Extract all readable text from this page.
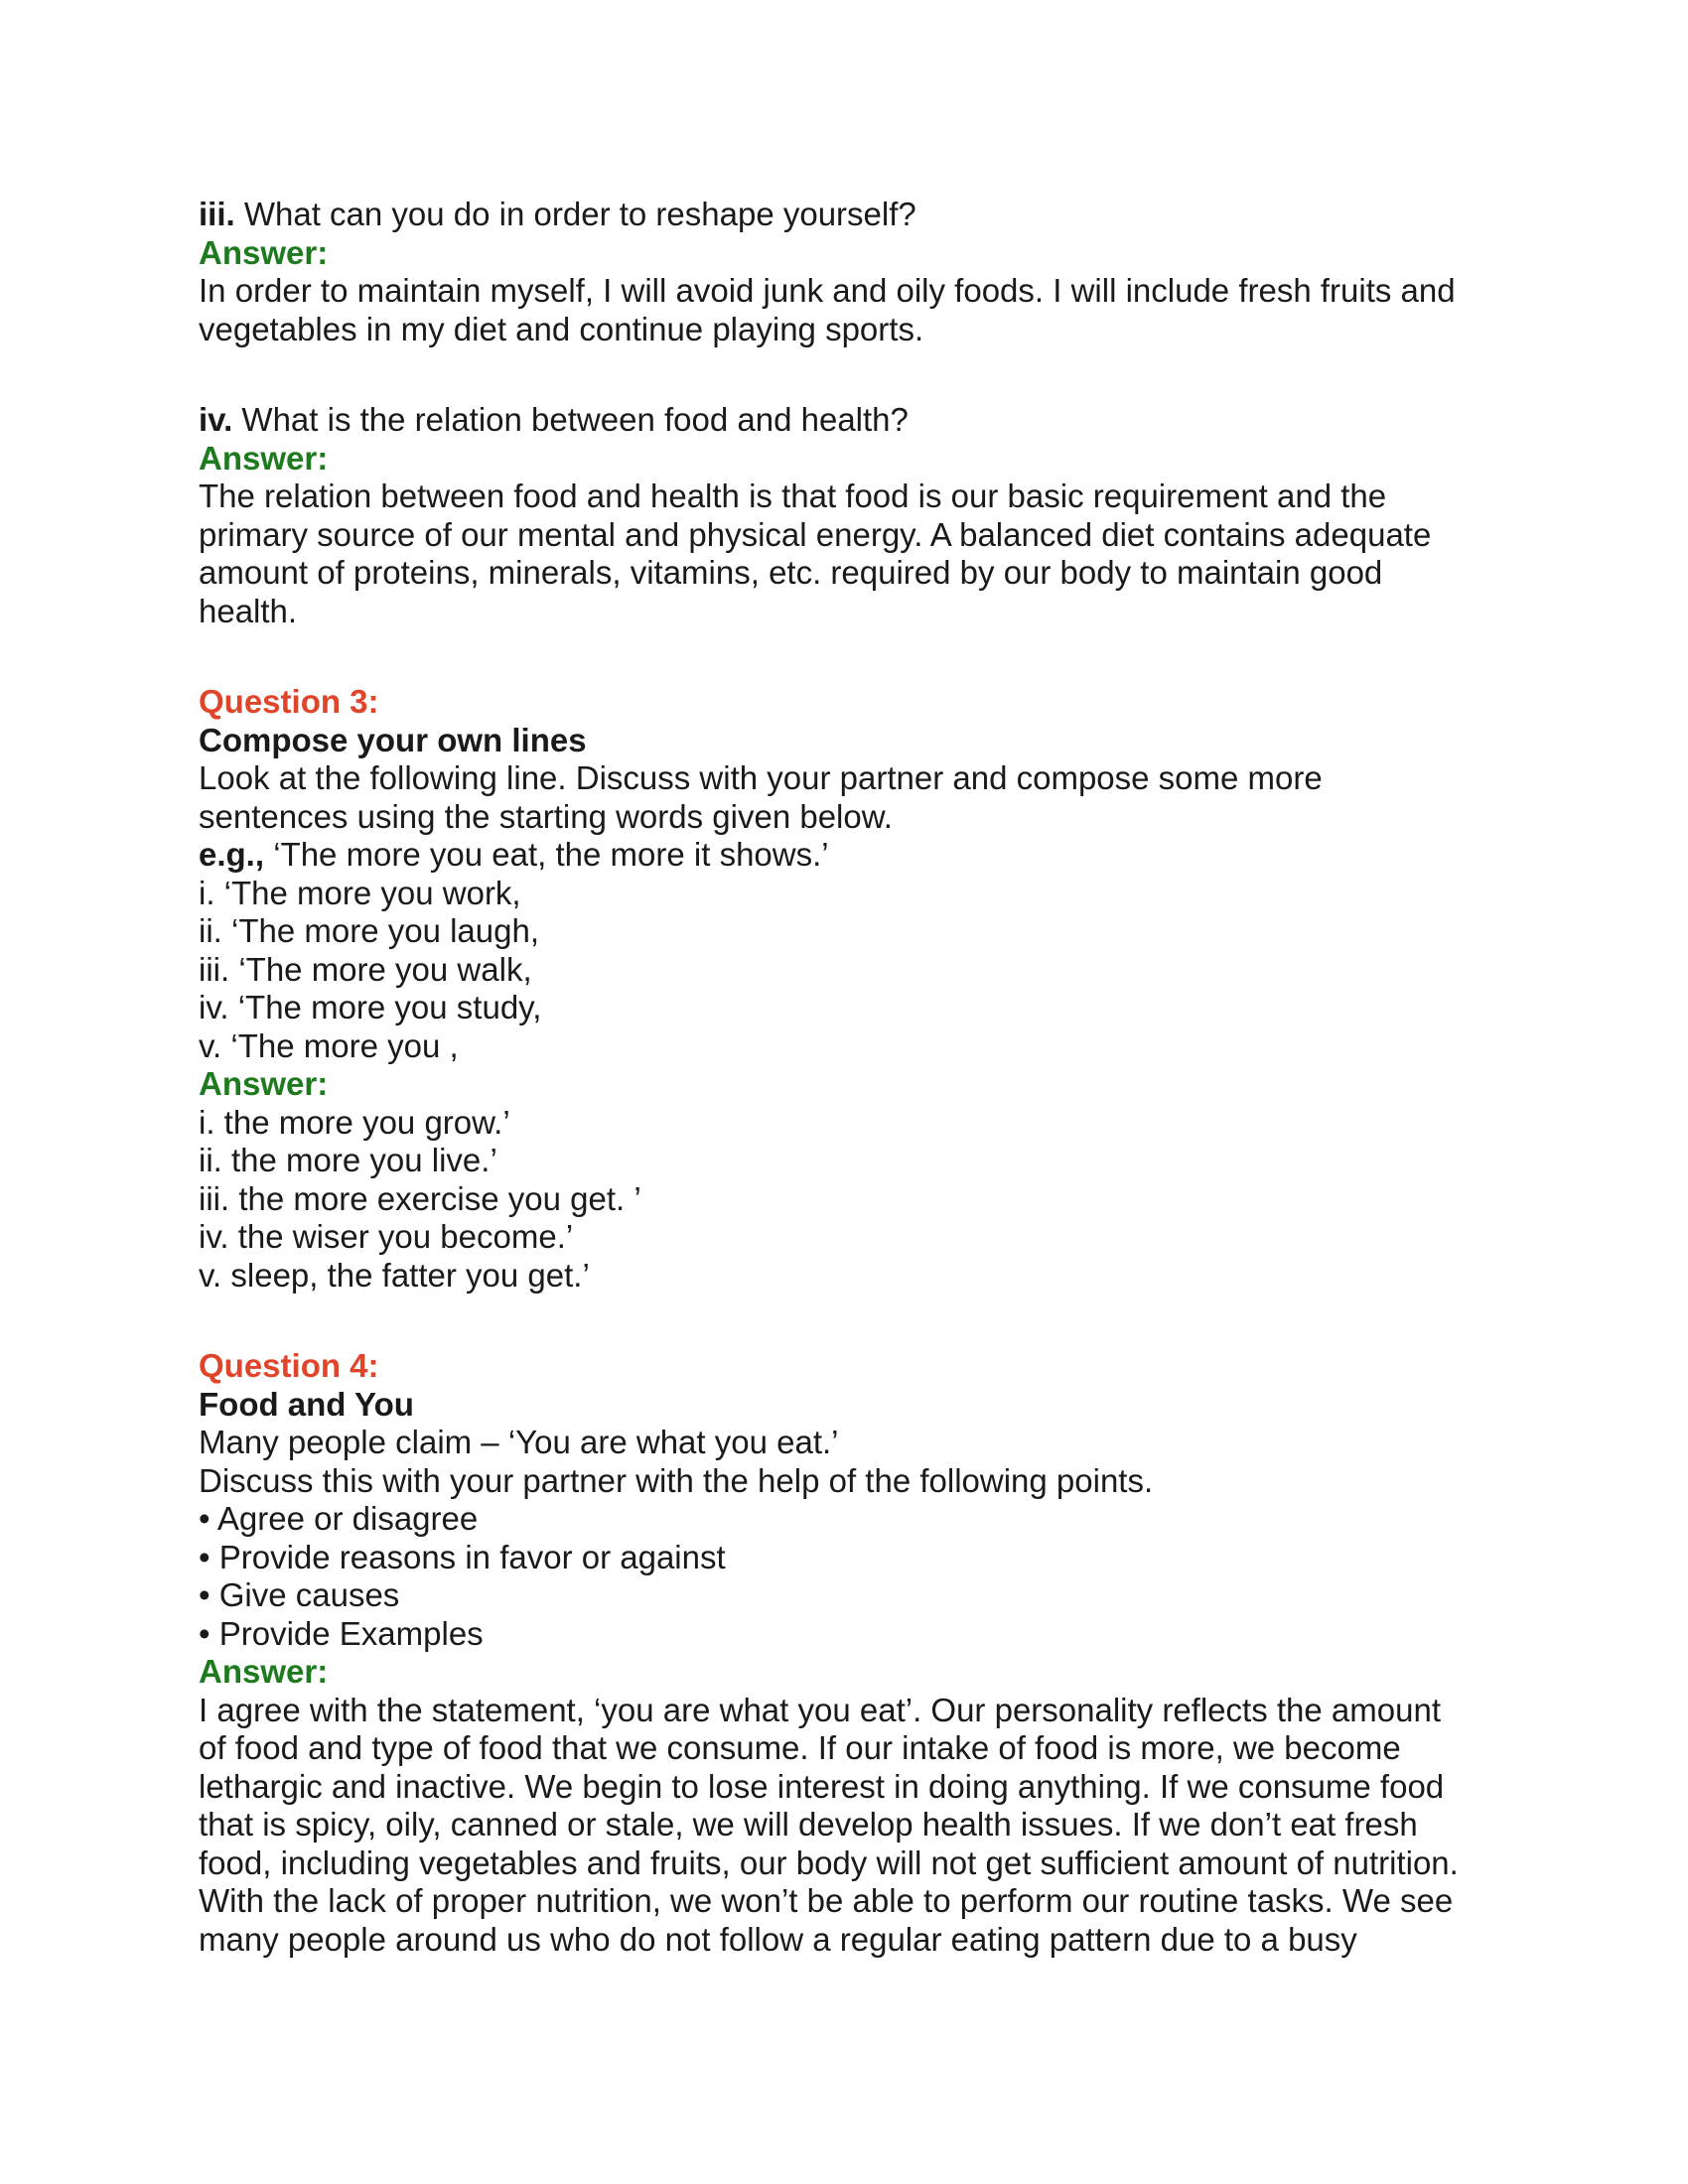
iii. What can you do in order to reshape yourself?
Answer:
In order to maintain myself, I will avoid junk and oily foods. I will include fresh fruits and
vegetables in my diet and continue playing sports.
iv. What is the relation between food and health?
Answer:
The relation between food and health is that food is our basic requirement and the
primary source of our mental and physical energy. A balanced diet contains adequate
amount of proteins, minerals, vitamins, etc. required by our body to maintain good
health.
Question 3:
Compose your own lines
Look at the following line. Discuss with your partner and compose some more
sentences using the starting words given below.
e.g., ‘The more you eat, the more it shows.’
i. ‘The more you work,
ii. ‘The more you laugh,
iii. ‘The more you walk,
iv. ‘The more you study,
v. ‘The more you ,
Answer:
i. the more you grow.’
ii. the more you live.’
iii. the more exercise you get. ’
iv. the wiser you become.’
v. sleep, the fatter you get.’
Question 4:
Food and You
Many people claim – ‘You are what you eat.’
Discuss this with your partner with the help of the following points.
• Agree or disagree
• Provide reasons in favor or against
• Give causes
• Provide Examples
Answer:
I agree with the statement, ‘you are what you eat’. Our personality reflects the amount
of food and type of food that we consume. If our intake of food is more, we become
lethargic and inactive. We begin to lose interest in doing anything. If we consume food
that is spicy, oily, canned or stale, we will develop health issues. If we don’t eat fresh
food, including vegetables and fruits, our body will not get sufficient amount of nutrition.
With the lack of proper nutrition, we won’t be able to perform our routine tasks. We see
many people around us who do not follow a regular eating pattern due to a busy
